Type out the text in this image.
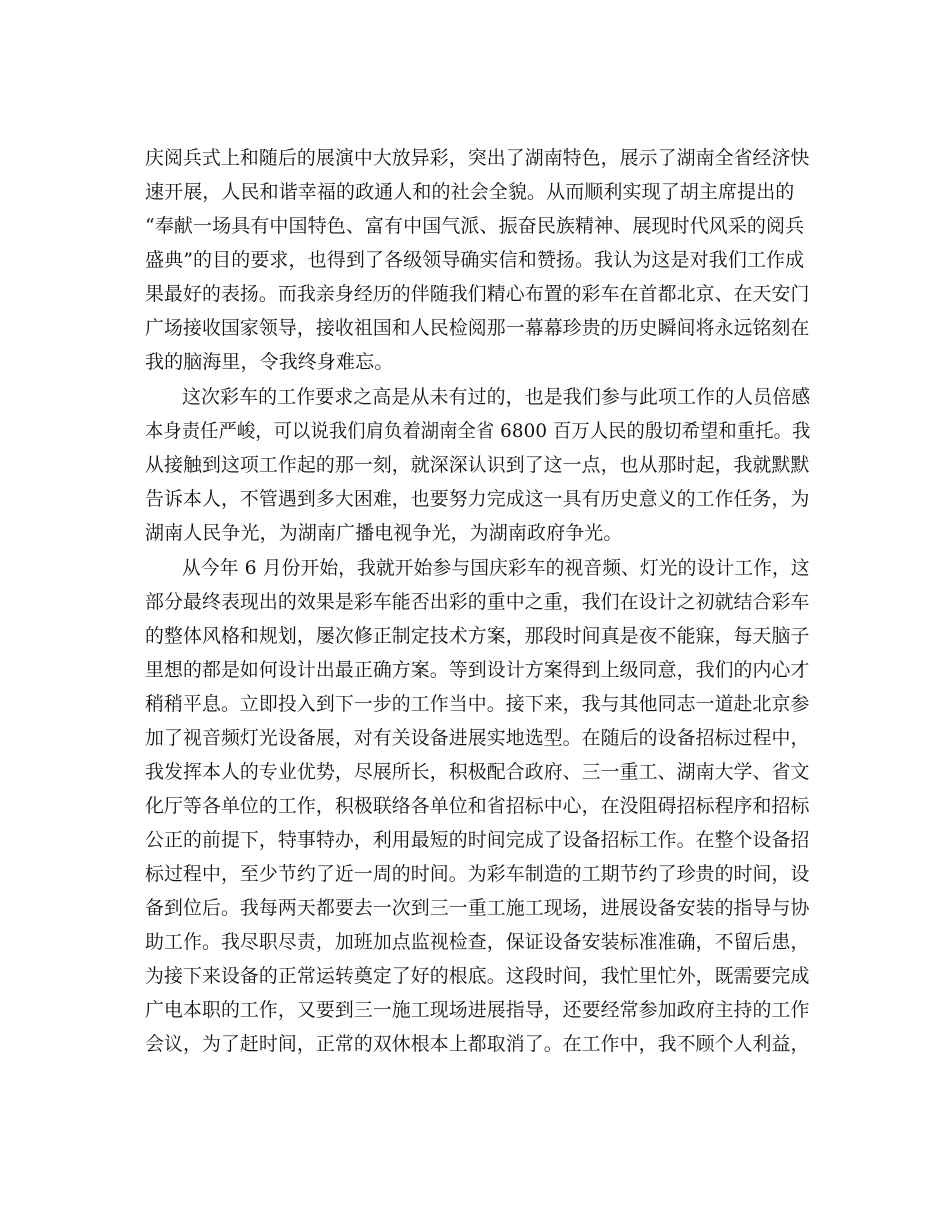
庆阅兵式上和随后的展演中大放异彩，突出了湖南特色，展示了湖南全省经济快
速开展，人民和谐幸福的政通人和的社会全貌。从而顺利实现了胡主席提出的
“奉献一场具有中国特色、富有中国气派、振奋民族精神、展现时代风采的阅兵
盛典”的目的要求，也得到了各级领导确实信和赞扬。我认为这是对我们工作成
果最好的表扬。而我亲身经历的伴随我们精心布置的彩车在首都北京、在天安门
广场接收国家领导，接收祖国和人民检阅那一幕幕珍贵的历史瞬间将永远铭刻在
我的脑海里，令我终身难忘。
这次彩车的工作要求之高是从未有过的，也是我们参与此项工作的人员倍感
本身责任严峻，可以说我们肩负着湖南全省 6800 百万人民的殷切希望和重托。我
从接触到这项工作起的那一刻，就深深认识到了这一点，也从那时起，我就默默
告诉本人，不管遇到多大困难，也要努力完成这一具有历史意义的工作任务，为
湖南人民争光，为湖南广播电视争光，为湖南政府争光。
从今年 6 月份开始，我就开始参与国庆彩车的视音频、灯光的设计工作，这
部分最终表现出的效果是彩车能否出彩的重中之重，我们在设计之初就结合彩车
的整体风格和规划，屡次修正制定技术方案，那段时间真是夜不能寐，每天脑子
里想的都是如何设计出最正确方案。等到设计方案得到上级同意，我们的内心才
稍稍平息。立即投入到下一步的工作当中。接下来，我与其他同志一道赴北京参
加了视音频灯光设备展，对有关设备进展实地选型。在随后的设备招标过程中，
我发挥本人的专业优势，尽展所长，积极配合政府、三一重工、湖南大学、省文
化厅等各单位的工作，积极联络各单位和省招标中心，在没阻碍招标程序和招标
公正的前提下，特事特办，利用最短的时间完成了设备招标工作。在整个设备招
标过程中，至少节约了近一周的时间。为彩车制造的工期节约了珍贵的时间，设
备到位后。我每两天都要去一次到三一重工施工现场，进展设备安装的指导与协
助工作。我尽职尽责，加班加点监视检查，保证设备安装标准准确，不留后患，
为接下来设备的正常运转奠定了好的根底。这段时间，我忙里忙外，既需要完成
广电本职的工作，又要到三一施工现场进展指导，还要经常参加政府主持的工作
会议，为了赶时间，正常的双休根本上都取消了。在工作中，我不顾个人利益，
